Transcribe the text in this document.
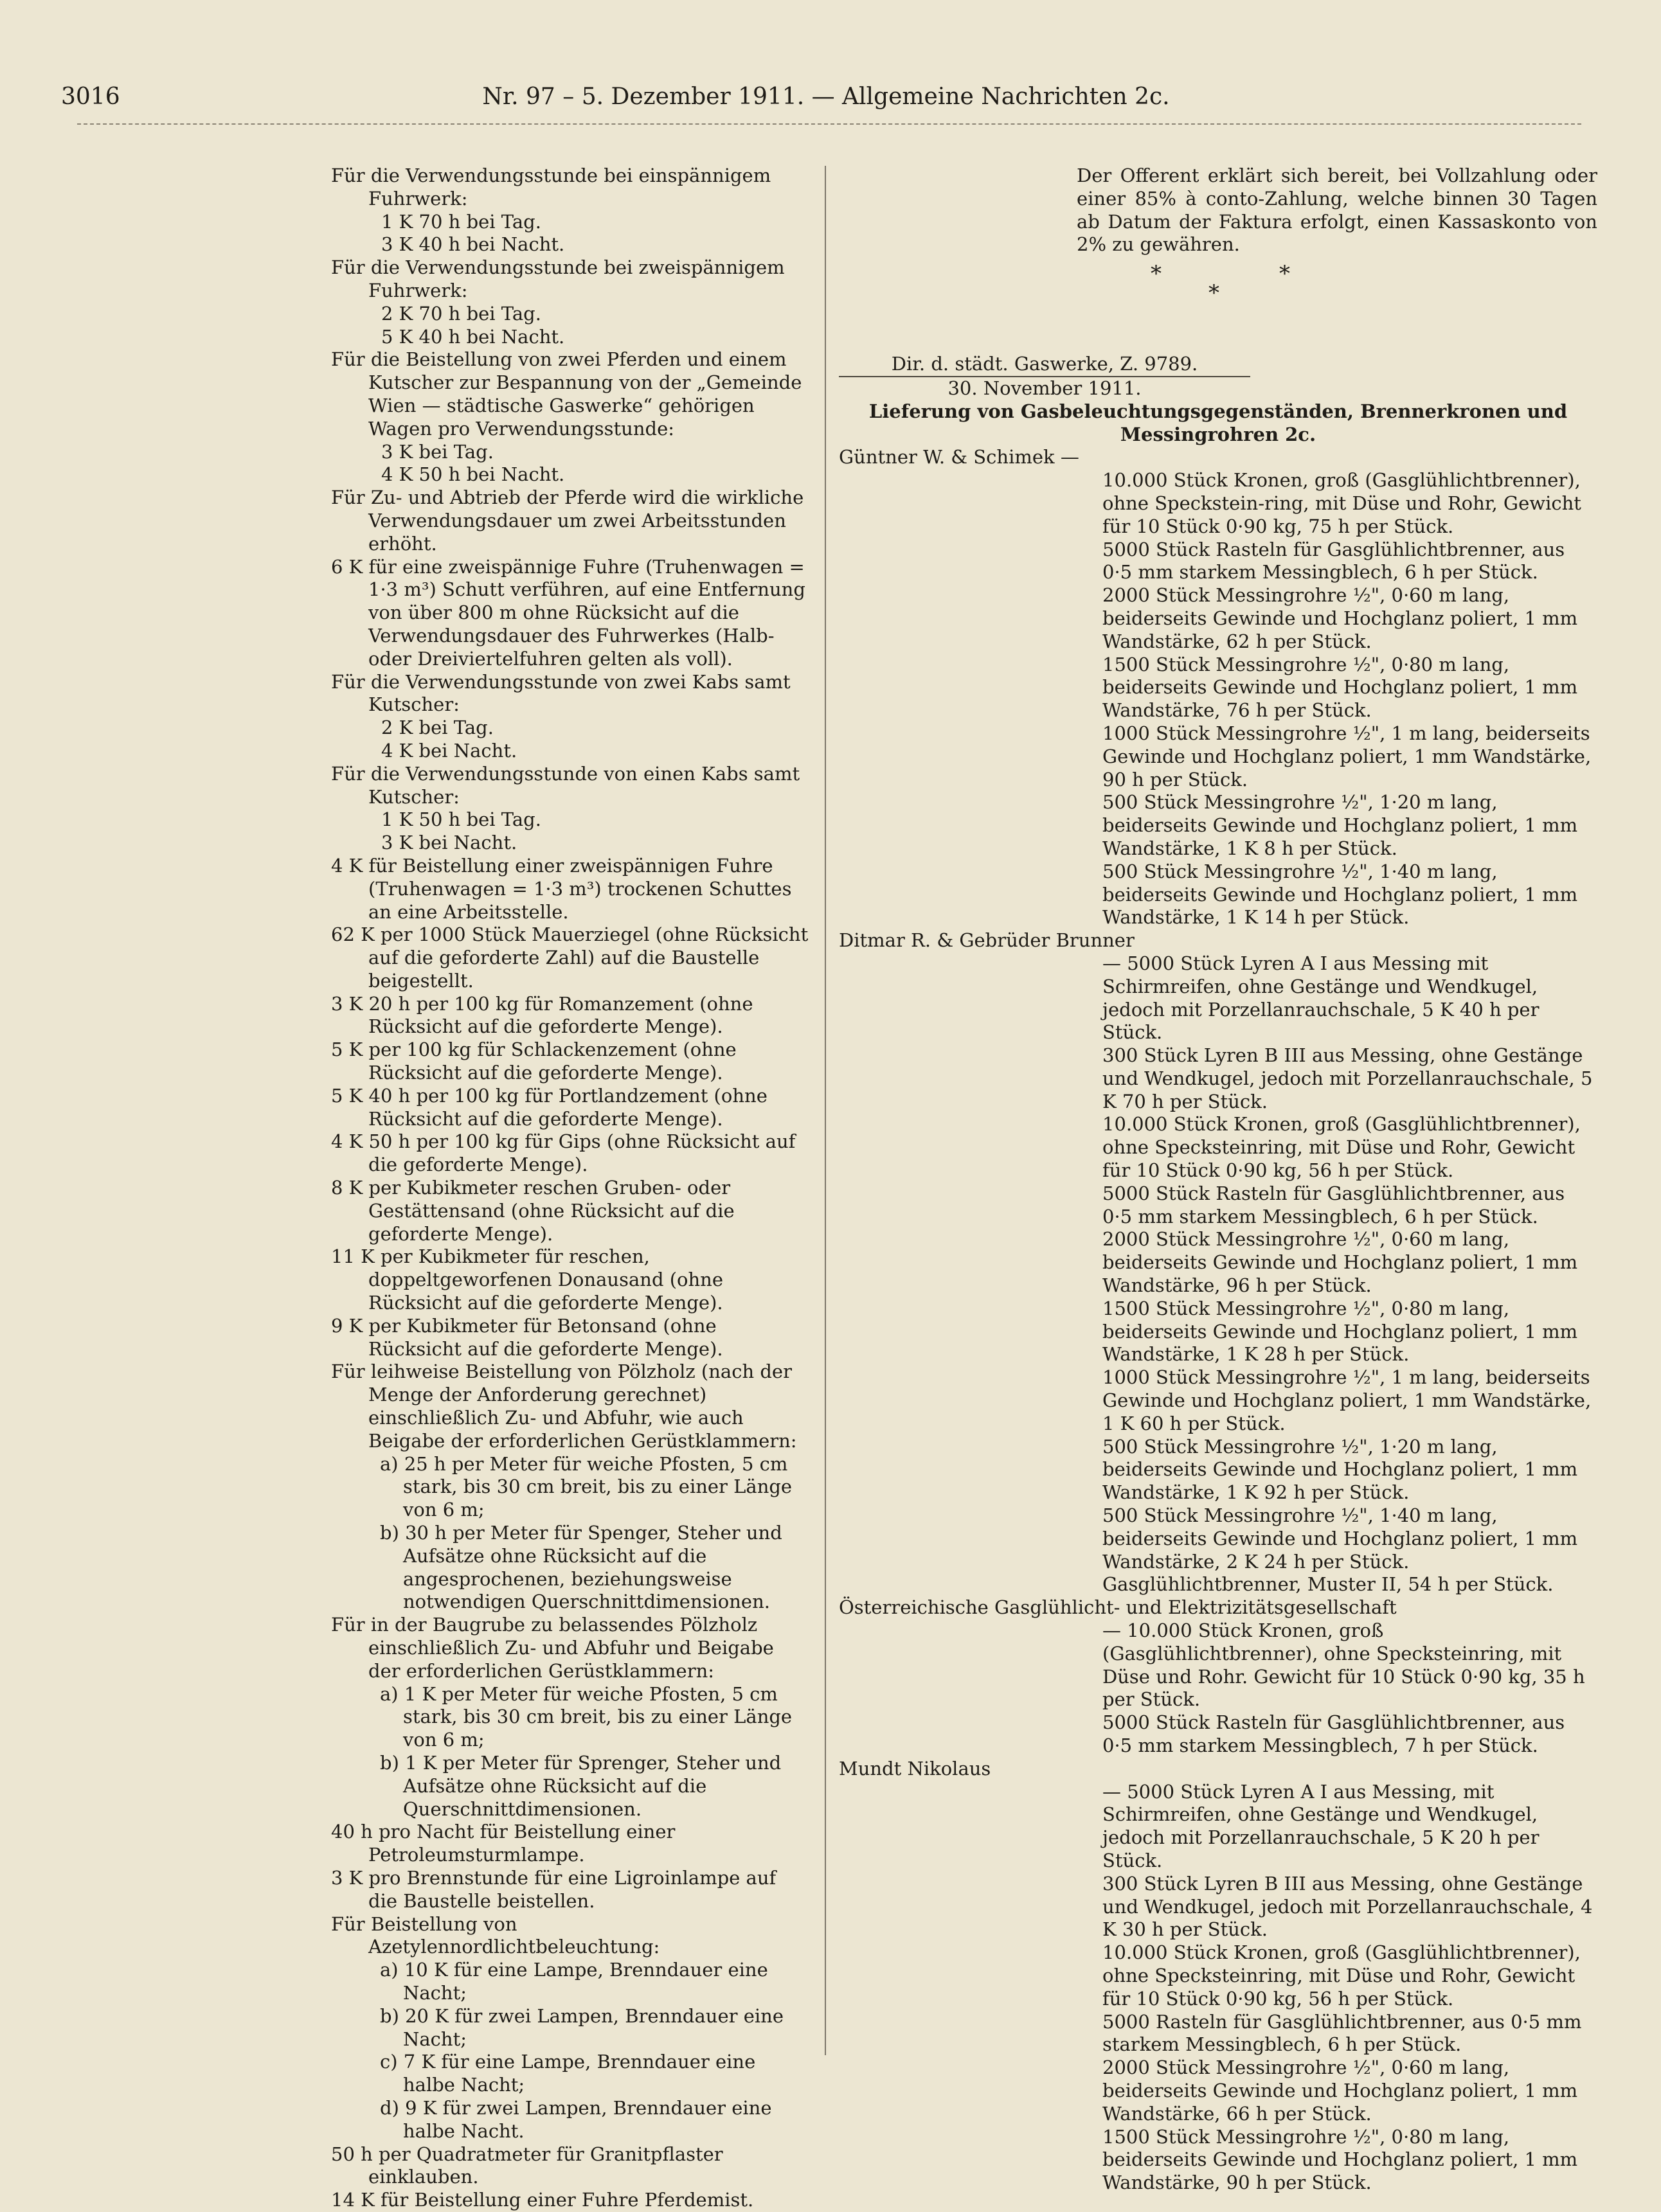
3016	Nr. 97 – 5. Dezember 1911. — Allgemeine Nachrichten 2c.

Für die Verwendungsstunde bei einspännigem Fuhrwerk:

1 K 70 h bei Tag.

3 K 40 h bei Nacht.

Für die Verwendungsstunde bei zweispännigem Fuhrwerk:

2 K 70 h bei Tag.

5 K 40 h bei Nacht.

Für die Beistellung von zwei Pferden und einem Kutscher zur Bespannung von der „Gemeinde Wien — städtische Gaswerke“ gehörigen Wagen pro Verwendungsstunde:

3 K bei Tag.

4 K 50 h bei Nacht.

Für Zu- und Abtrieb der Pferde wird die wirkliche Verwendungsdauer um zwei Arbeitsstunden erhöht.

6 K für eine zweispännige Fuhre (Truhenwagen = 1·3 m³) Schutt verführen, auf eine Entfernung von über 800 m ohne Rücksicht auf die Verwendungsdauer des Fuhrwerkes (Halb- oder Dreiviertelfuhren gelten als voll).

Für die Verwendungsstunde von zwei Kabs samt Kutscher:

2 K bei Tag.

4 K bei Nacht.

Für die Verwendungsstunde von einen Kabs samt Kutscher:

1 K 50 h bei Tag.

3 K bei Nacht.

4 K für Beistellung einer zweispännigen Fuhre (Truhenwagen = 1·3 m³) trockenen Schuttes an eine Arbeitsstelle.

62 K per 1000 Stück Mauerziegel (ohne Rücksicht auf die geforderte Zahl) auf die Baustelle beigestellt.

3 K 20 h per 100 kg für Romanzement (ohne Rücksicht auf die geforderte Menge).

5 K per 100 kg für Schlackenzement (ohne Rücksicht auf die geforderte Menge).

5 K 40 h per 100 kg für Portlandzement (ohne Rücksicht auf die geforderte Menge).

4 K 50 h per 100 kg für Gips (ohne Rücksicht auf die geforderte Menge).

8 K per Kubikmeter reschen Gruben- oder Gestättensand (ohne Rücksicht auf die geforderte Menge).

11 K per Kubikmeter für reschen, doppeltgeworfenen Donausand (ohne Rücksicht auf die geforderte Menge).

9 K per Kubikmeter für Betonsand (ohne Rücksicht auf die geforderte Menge).

Für leihweise Beistellung von Pölzholz (nach der Menge der Anforderung gerechnet) einschließlich Zu- und Abfuhr, wie auch Beigabe der erforderlichen Gerüstklammern:

a) 25 h per Meter für weiche Pfosten, 5 cm stark, bis 30 cm breit, bis zu einer Länge von 6 m;

b) 30 h per Meter für Spenger, Steher und Aufsätze ohne Rücksicht auf die angesprochenen, beziehungsweise notwendigen Querschnittdimensionen.

Für in der Baugrube zu belassendes Pölzholz einschließlich Zu- und Abfuhr und Beigabe der erforderlichen Gerüstklammern:

a) 1 K per Meter für weiche Pfosten, 5 cm stark, bis 30 cm breit, bis zu einer Länge von 6 m;

b) 1 K per Meter für Sprenger, Steher und Aufsätze ohne Rücksicht auf die Querschnittdimensionen.

40 h pro Nacht für Beistellung einer Petroleumsturmlampe.

3 K pro Brennstunde für eine Ligroinlampe auf die Baustelle beistellen.

Für Beistellung von Azetylennordlichtbeleuchtung:

a) 10 K für eine Lampe, Brenndauer eine Nacht;

b) 20 K für zwei Lampen, Brenndauer eine Nacht;

c) 7 K für eine Lampe, Brenndauer eine halbe Nacht;

d) 9 K für zwei Lampen, Brenndauer eine halbe Nacht.

50 h per Quadratmeter für Granitpflaster einklauben.

14 K für Beistellung einer Fuhre Pferdemist.

Der Offerent erklärt sich bereit, bei Vollzahlung oder einer 85% à conto-Zahlung, welche binnen 30 Tagen ab Datum der Faktura erfolgt, einen Kassaskonto von 2% zu gewähren.

*
*
*
Dir. d. städt. Gaswerke, Z. 9789.
30. November 1911.
Lieferung von Gasbeleuchtungsgegenständen, Brennerkronen und Messingrohren 2c.
Güntner W. & Schimek —
10.000 Stück Kronen, groß (Gasglühlichtbrenner), ohne Speckstein-ring, mit Düse und Rohr, Gewicht für 10 Stück 0·90 kg, 75 h per Stück.
5000 Stück Rasteln für Gasglühlichtbrenner, aus 0·5 mm starkem Messingblech, 6 h per Stück.
2000 Stück Messingrohre ½", 0·60 m lang, beiderseits Gewinde und Hochglanz poliert, 1 mm Wandstärke, 62 h per Stück.
1500 Stück Messingrohre ½", 0·80 m lang, beiderseits Gewinde und Hochglanz poliert, 1 mm Wandstärke, 76 h per Stück.
1000 Stück Messingrohre ½", 1 m lang, beiderseits Gewinde und Hochglanz poliert, 1 mm Wandstärke, 90 h per Stück.
500 Stück Messingrohre ½", 1·20 m lang, beiderseits Gewinde und Hochglanz poliert, 1 mm Wandstärke, 1 K 8 h per Stück.
500 Stück Messingrohre ½", 1·40 m lang, beiderseits Gewinde und Hochglanz poliert, 1 mm Wandstärke, 1 K 14 h per Stück.
Ditmar R. & Gebrüder Brunner
— 5000 Stück Lyren A I aus Messing mit Schirmreifen, ohne Gestänge und Wendkugel, jedoch mit Porzellanrauchschale, 5 K 40 h per Stück.
300 Stück Lyren B III aus Messing, ohne Gestänge und Wendkugel, jedoch mit Porzellanrauchschale, 5 K 70 h per Stück.
10.000 Stück Kronen, groß (Gasglühlichtbrenner), ohne Specksteinring, mit Düse und Rohr, Gewicht für 10 Stück 0·90 kg, 56 h per Stück.
5000 Stück Rasteln für Gasglühlichtbrenner, aus 0·5 mm starkem Messingblech, 6 h per Stück.
2000 Stück Messingrohre ½", 0·60 m lang, beiderseits Gewinde und Hochglanz poliert, 1 mm Wandstärke, 96 h per Stück.
1500 Stück Messingrohre ½", 0·80 m lang, beiderseits Gewinde und Hochglanz poliert, 1 mm Wandstärke, 1 K 28 h per Stück.
1000 Stück Messingrohre ½", 1 m lang, beiderseits Gewinde und Hochglanz poliert, 1 mm Wandstärke, 1 K 60 h per Stück.
500 Stück Messingrohre ½", 1·20 m lang, beiderseits Gewinde und Hochglanz poliert, 1 mm Wandstärke, 1 K 92 h per Stück.
500 Stück Messingrohre ½", 1·40 m lang, beiderseits Gewinde und Hochglanz poliert, 1 mm Wandstärke, 2 K 24 h per Stück.
Gasglühlichtbrenner, Muster II, 54 h per Stück.
Österreichische Gasglühlicht- und Elektrizitätsgesellschaft
— 10.000 Stück Kronen, groß (Gasglühlichtbrenner), ohne Specksteinring, mit Düse und Rohr. Gewicht für 10 Stück 0·90 kg, 35 h per Stück.
5000 Stück Rasteln für Gasglühlichtbrenner, aus 0·5 mm starkem Messingblech, 7 h per Stück.
Mundt Nikolaus
— 5000 Stück Lyren A I aus Messing, mit Schirmreifen, ohne Gestänge und Wendkugel, jedoch mit Porzellanrauchschale, 5 K 20 h per Stück.
300 Stück Lyren B III aus Messing, ohne Gestänge und Wendkugel, jedoch mit Porzellanrauchschale, 4 K 30 h per Stück.
10.000 Stück Kronen, groß (Gasglühlichtbrenner), ohne Specksteinring, mit Düse und Rohr, Gewicht für 10 Stück 0·90 kg, 56 h per Stück.
5000 Rasteln für Gasglühlichtbrenner, aus 0·5 mm starkem Messingblech, 6 h per Stück.
2000 Stück Messingrohre ½", 0·60 m lang, beiderseits Gewinde und Hochglanz poliert, 1 mm Wandstärke, 66 h per Stück.
1500 Stück Messingrohre ½", 0·80 m lang, beiderseits Gewinde und Hochglanz poliert, 1 mm Wandstärke, 90 h per Stück.
